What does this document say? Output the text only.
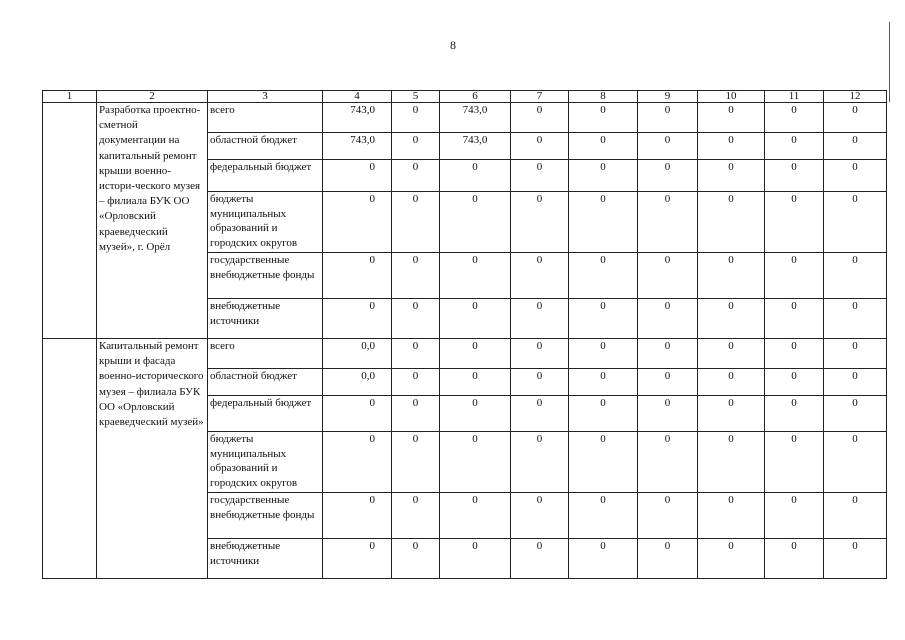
8
1	2	3	4	5	6	7	8	9	10	11	12
	Разработка проектно-сметной документации на капитальный ремонт крыши военно-истори-ческого музея – филиала БУК ОО «Орловский краеведческий музей», г. Орёл	всего	743,0	0	743,0	0	0	0	0	0	0
		областной бюджет	743,0	0	743,0	0	0	0	0	0	0
		федеральный бюджет	0	0	0	0	0	0	0	0	0
		бюджеты муниципальных образований и городских округов	0	0	0	0	0	0	0	0	0
		государственные внебюджетные фонды	0	0	0	0	0	0	0	0	0
		внебюджетные источники	0	0	0	0	0	0	0	0	0
	Капитальный ремонт крыши и фасада военно-исторического музея – филиала БУК ОО «Орловский краеведческий музей»	всего	0,0	0	0	0	0	0	0	0	0
		областной бюджет	0,0	0	0	0	0	0	0	0	0
		федеральный бюджет	0	0	0	0	0	0	0	0	0
		бюджеты муниципальных образований и городских округов	0	0	0	0	0	0	0	0	0
		государственные внебюджетные фонды	0	0	0	0	0	0	0	0	0
		внебюджетные источники	0	0	0	0	0	0	0	0	0
